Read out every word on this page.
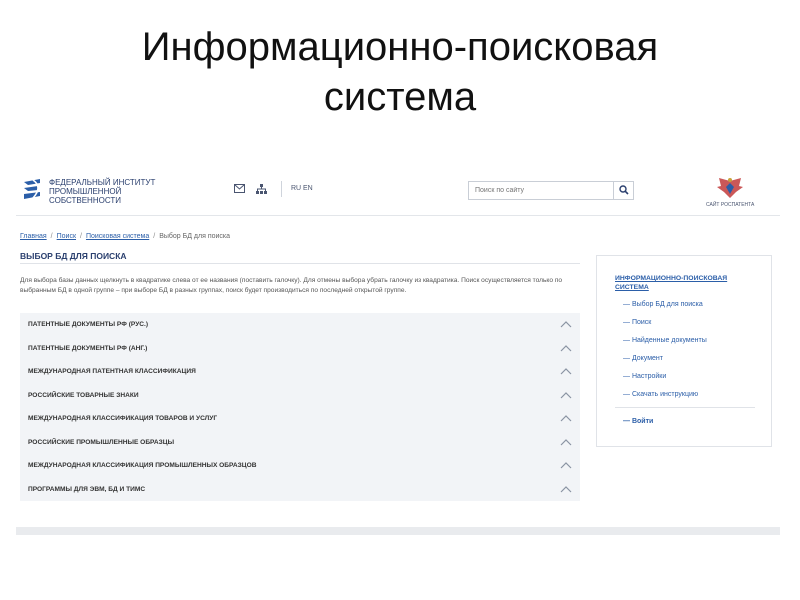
Информационно-поисковая
система
ФЕДЕРАЛЬНЫЙ ИНСТИТУТ
ПРОМЫШЛЕННОЙ
СОБСТВЕННОСТИ
RU EN
Поиск по сайту
САЙТ РОСПАТЕНТА
Главная / Поиск / Поисковая система / Выбор БД для поиска
ВЫБОР БД ДЛЯ ПОИСКА
Для выбора базы данных щелкнуть в квадратике слева от ее названия (поставить галочку). Для отмены выбора убрать галочку из квадратика. Поиск осуществляется только по выбранным БД в одной группе – при выборе БД в разных группах, поиск будет производиться по последней открытой группе.
ПАТЕНТНЫЕ ДОКУМЕНТЫ РФ (РУС.)
ПАТЕНТНЫЕ ДОКУМЕНТЫ РФ (АНГ.)
МЕЖДУНАРОДНАЯ ПАТЕНТНАЯ КЛАССИФИКАЦИЯ
РОССИЙСКИЕ ТОВАРНЫЕ ЗНАКИ
МЕЖДУНАРОДНАЯ КЛАССИФИКАЦИЯ ТОВАРОВ И УСЛУГ
РОССИЙСКИЕ ПРОМЫШЛЕННЫЕ ОБРАЗЦЫ
МЕЖДУНАРОДНАЯ КЛАССИФИКАЦИЯ ПРОМЫШЛЕННЫХ ОБРАЗЦОВ
ПРОГРАММЫ ДЛЯ ЭВМ, БД И ТИМС
ИНФОРМАЦИОННО-ПОИСКОВАЯ СИСТЕМА
— Выбор БД для поиска
— Поиск
— Найденные документы
— Документ
— Настройки
— Скачать инструкцию
— Войти
